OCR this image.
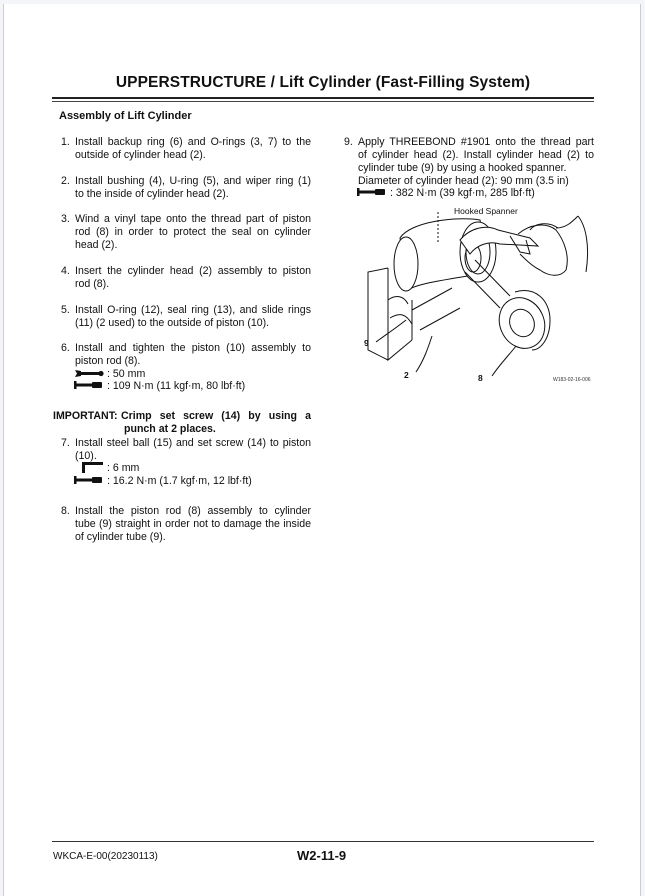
UPPERSTRUCTURE / Lift Cylinder (Fast-Filling System)
Assembly of Lift Cylinder
1. Install backup ring (6) and O-rings (3, 7) to the
outside of cylinder head (2).
2. Install bushing (4), U-ring (5), and wiper ring (1)
to the inside of cylinder head (2).
3. Wind a vinyl tape onto the thread part of piston
rod (8) in order to protect the seal on cylinder
head (2).
4. Insert the cylinder head (2) assembly to piston
rod (8).
5. Install O-ring (12), seal ring (13), and slide rings
(11) (2 used) to the outside of piston (10).
6. Install and tighten the piston (10) assembly to
piston rod (8).
: 50 mm
: 109 N·m (11 kgf·m, 80 lbf·ft)
IMPORTANT: Crimp set screw (14) by using a
punch at 2 places.
7. Install steel ball (15) and set screw (14) to piston
(10).
: 6 mm
: 16.2 N·m (1.7 kgf·m, 12 lbf·ft)
8. Install the piston rod (8) assembly to cylinder
tube (9) straight in order not to damage the inside
of cylinder tube (9).
9. Apply THREEBOND #1901 onto the thread part
of cylinder head (2). Install cylinder head (2) to
cylinder tube (9) by using a hooked spanner.
Diameter of cylinder head (2): 90 mm (3.5 in)
: 382 N·m (39 kgf·m, 285 lbf·ft)
Hooked Spanner
9
2	8	W183-02-16-006
WKCA-E-00(20230113)	W2-11-9
